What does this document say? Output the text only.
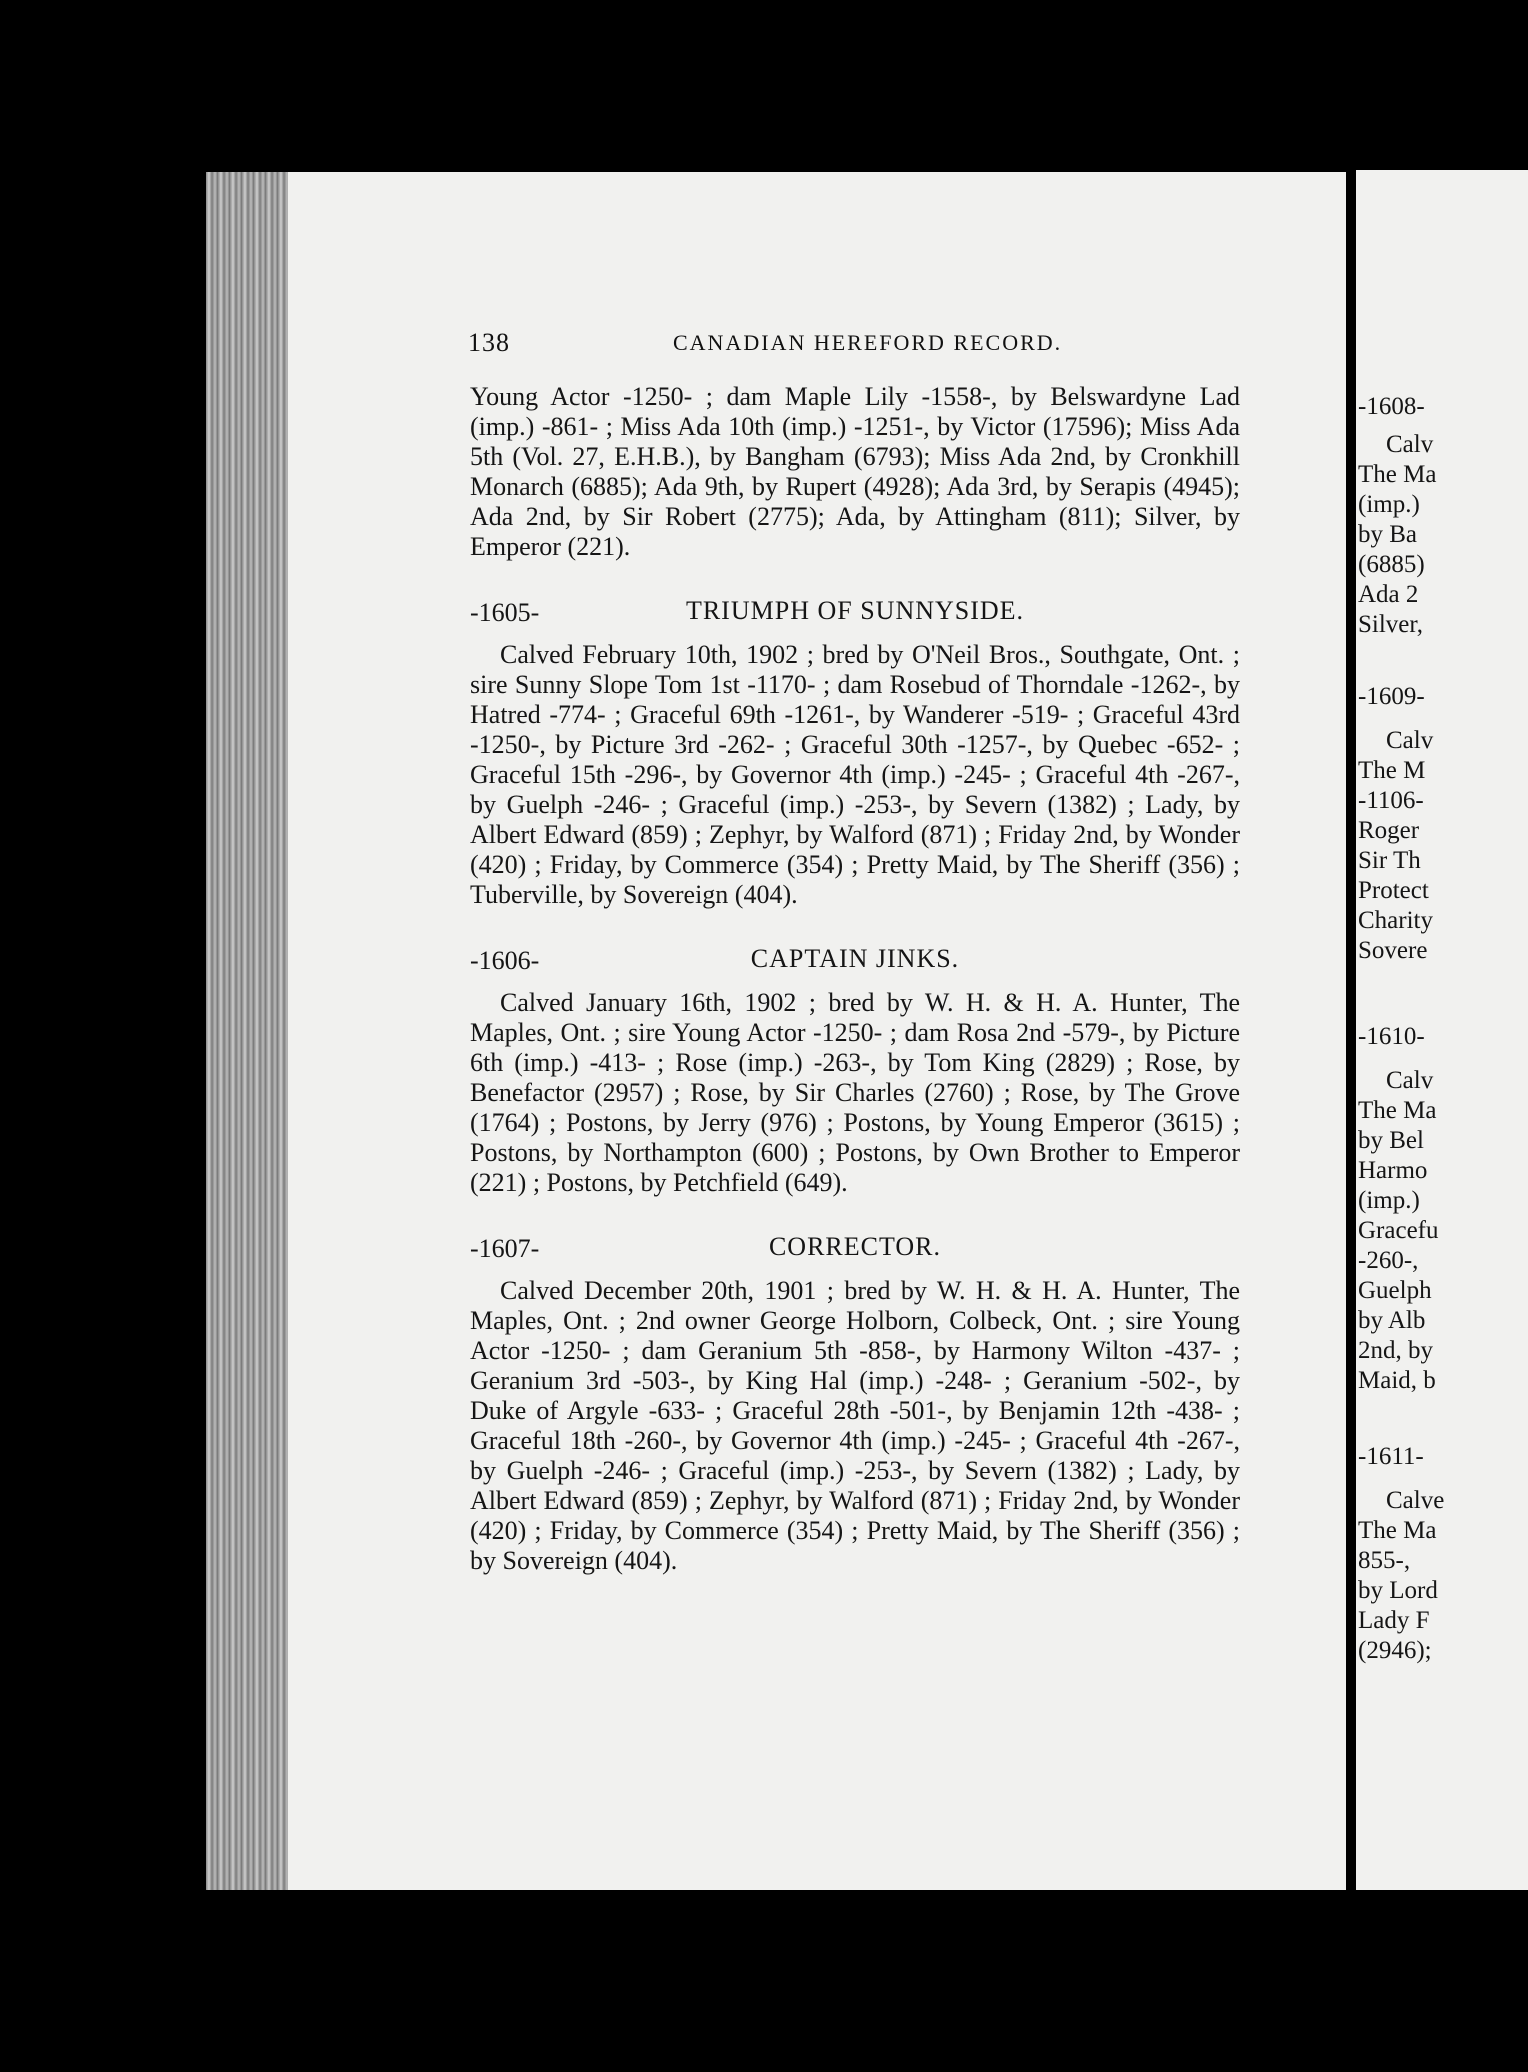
138	CANADIAN HEREFORD RECORD.

Young Actor -1250- ; dam Maple Lily -1558-, by Belswardyne Lad (imp.) -861- ; Miss Ada 10th (imp.) -1251-, by Victor (17596); Miss Ada 5th (Vol. 27, E.H.B.), by Bangham (6793); Miss Ada 2nd, by Cronkhill Monarch (6885); Ada 9th, by Rupert (4928); Ada 3rd, by Serapis (4945); Ada 2nd, by Sir Robert (2775); Ada, by Attingham (811); Silver, by Emperor (221).

-1605-	TRIUMPH OF SUNNYSIDE.

Calved February 10th, 1902 ; bred by O'Neil Bros., Southgate, Ont. ; sire Sunny Slope Tom 1st -1170- ; dam Rosebud of Thorndale -1262-, by Hatred -774- ; Graceful 69th -1261-, by Wanderer -519- ; Graceful 43rd -1250-, by Picture 3rd -262- ; Graceful 30th -1257-, by Quebec -652- ; Graceful 15th -296-, by Governor 4th (imp.) -245- ; Graceful 4th -267-, by Guelph -246- ; Graceful (imp.) -253-, by Severn (1382) ; Lady, by Albert Edward (859) ; Zephyr, by Walford (871) ; Friday 2nd, by Wonder (420) ; Friday, by Commerce (354) ; Pretty Maid, by The Sheriff (356) ; Tuberville, by Sovereign (404).

-1606-	CAPTAIN JINKS.

Calved January 16th, 1902 ; bred by W. H. & H. A. Hunter, The Maples, Ont. ; sire Young Actor -1250- ; dam Rosa 2nd -579-, by Picture 6th (imp.) -413- ; Rose (imp.) -263-, by Tom King (2829) ; Rose, by Benefactor (2957) ; Rose, by Sir Charles (2760) ; Rose, by The Grove (1764) ; Postons, by Jerry (976) ; Postons, by Young Emperor (3615) ; Postons, by Northampton (600) ; Postons, by Own Brother to Emperor (221) ; Postons, by Petchfield (649).

-1607-	CORRECTOR.

Calved December 20th, 1901 ; bred by W. H. & H. A. Hunter, The Maples, Ont. ; 2nd owner George Holborn, Colbeck, Ont. ; sire Young Actor -1250- ; dam Geranium 5th -858-, by Harmony Wilton -437- ; Geranium 3rd -503-, by King Hal (imp.) -248- ; Geranium -502-, by Duke of Argyle -633- ; Graceful 28th -501-, by Benjamin 12th -438- ; Graceful 18th -260-, by Governor 4th (imp.) -245- ; Graceful 4th -267-, by Guelph -246- ; Graceful (imp.) -253-, by Severn (1382) ; Lady, by Albert Edward (859) ; Zephyr, by Walford (871) ; Friday 2nd, by Wonder (420) ; Friday, by Commerce (354) ; Pretty Maid, by The Sheriff (356) ; by Sovereign (404).

-1608-
Calv
The Ma
(imp.)
by Ba
(6885)
Ada 2
Silver,
-1609-
Calv
The M
-1106-
Roger
Sir Th
Protect
Charity
Sovere
-1610-
Calv
The Ma
by Bel
Harmo
(imp.)
Gracefu
-260-,
Guelph
by Alb
2nd, by
Maid, b
-1611-
Calve
The Ma
855-,
by Lord
Lady F
(2946);
